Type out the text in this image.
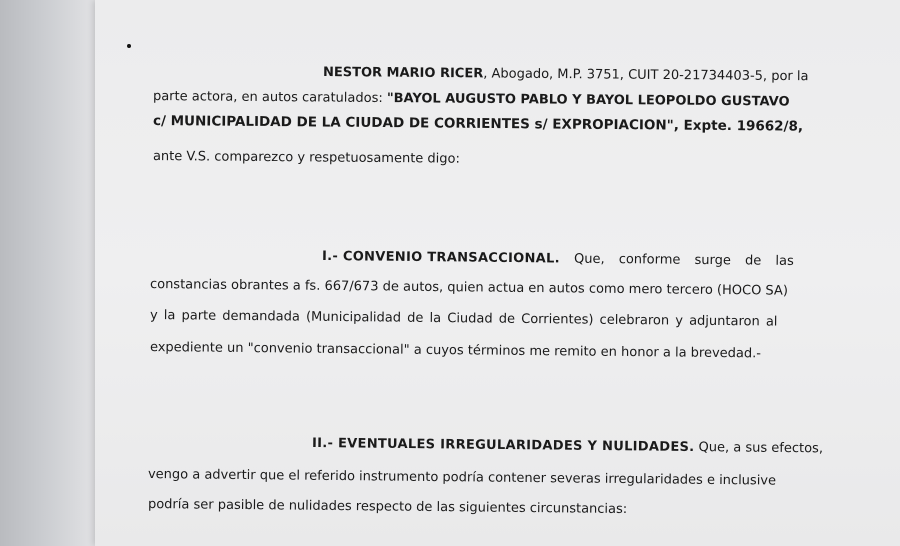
NESTOR MARIO RICER, Abogado, M.P. 3751, CUIT 20-21734403-5, por la
parte actora, en autos caratulados: "BAYOL AUGUSTO PABLO Y BAYOL LEOPOLDO GUSTAVO
c/ MUNICIPALIDAD DE LA CIUDAD DE CORRIENTES s/ EXPROPIACION", Expte. 19662/8,
ante V.S. comparezco y respetuosamente digo:
I.- CONVENIO TRANSACCIONAL. Que, conforme surge de las
constancias obrantes a fs. 667/673 de autos, quien actua en autos como mero tercero (HOCO SA)
y la parte demandada (Municipalidad de la Ciudad de Corrientes) celebraron y adjuntaron al
expediente un "convenio transaccional" a cuyos términos me remito en honor a la brevedad.-
II.- EVENTUALES IRREGULARIDADES Y NULIDADES. Que, a sus efectos,
vengo a advertir que el referido instrumento podría contener severas irregularidades e inclusive
podría ser pasible de nulidades respecto de las siguientes circunstancias:
